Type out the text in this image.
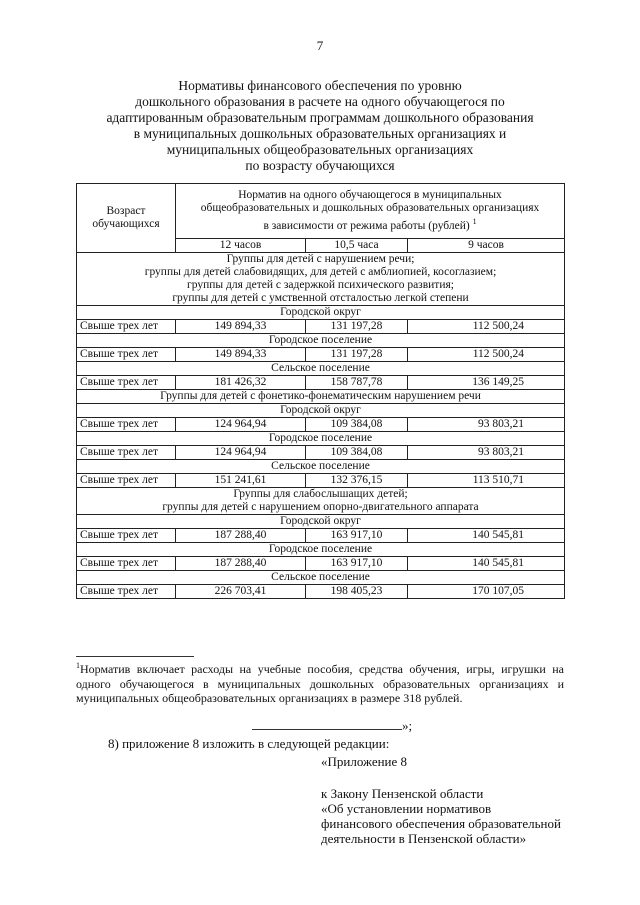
7
Нормативы финансового обеспечения по уровню
дошкольного образования в расчете на одного обучающегося по
адаптированным образовательным программам дошкольного образования
в муниципальных дошкольных образовательных организациях и
муниципальных общеобразовательных организациях
по возрасту обучающихся
Возраст обучающихся	Норматив на одного обучающегося в муниципальных
общеобразовательных и дошкольных образовательных организациях
в зависимости от режима работы (рублей) $^1$

	12 часов	10,5 часа	9 часов

Группы для детей с нарушением речи;
группы для детей слабовидящих, для детей с амблиопией, косоглазием;
группы для детей с задержкой психического развития;
группы для детей с умственной отсталостью легкой степени			

Городской округ			
Свыше трех лет	149 894,33	131 197,28	112 500,24
Городское поселение			
Свыше трех лет	149 894,33	131 197,28	112 500,24
Сельское поселение			
Свыше трех лет	181 426,32	158 787,78	136 149,25

Группы для детей с фонетико-фонематическим нарушением речи			

Городской округ			
Свыше трех лет	124 964,94	109 384,08	93 803,21
Городское поселение			
Свыше трех лет	124 964,94	109 384,08	93 803,21
Сельское поселение			
Свыше трех лет	151 241,61	132 376,15	113 510,71

Группы для слабослышащих детей;
группы для детей с нарушением опорно-двигательного аппарата			

Городской округ			
Свыше трех лет	187 288,40	163 917,10	140 545,81
Городское поселение			
Свыше трех лет	187 288,40	163 917,10	140 545,81
Сельское поселение			
Свыше трех лет	226 703,41	198 405,23	170 107,05
$^1$Норматив включает расходы на учебные пособия, средства обучения, игры, игрушки на одного обучающегося в муниципальных дошкольных образовательных организациях и муниципальных общеобразовательных организациях в размере 318 рублей.
»;
8) приложение 8 изложить в следующей редакции:
«Приложение 8
к Закону Пензенской области
«Об установлении нормативов
финансового обеспечения образовательной
деятельности в Пензенской области»
